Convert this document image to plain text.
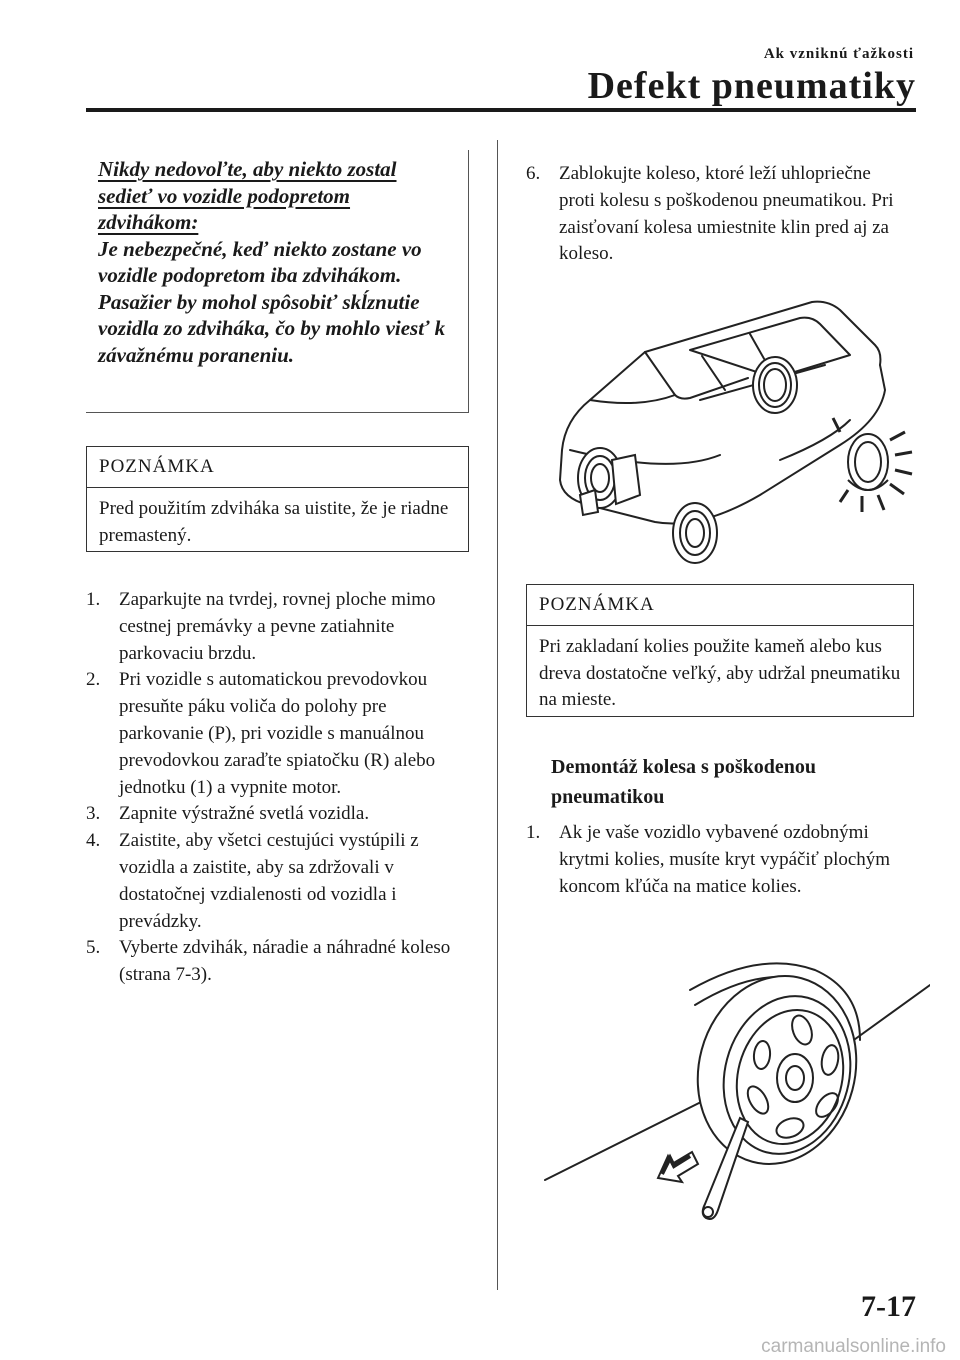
Ak vzniknú ťažkosti
Defekt pneumatiky
Nikdy nedovoľte, aby niekto zostal sedieť vo vozidle podopretom zdvihákom:
Je nebezpečné, keď niekto zostane vo vozidle podopretom iba zdvihákom. Pasažier by mohol spôsobiť skĺznutie vozidla zo zdviháka, čo by mohlo viesť k závažnému poraneniu.
POZNÁMKA
Pred použitím zdviháka sa uistite, že je riadne premastený.
1. Zaparkujte na tvrdej, rovnej ploche mimo cestnej premávky a pevne zatiahnite parkovaciu brzdu.
2. Pri vozidle s automatickou prevodovkou presuňte páku voliča do polohy pre parkovanie (P), pri vozidle s manuálnou prevodovkou zaraďte spiatočku (R) alebo jednotku (1) a vypnite motor.
3. Zapnite výstražné svetlá vozidla.
4. Zaistite, aby všetci cestujúci vystúpili z vozidla a zaistite, aby sa zdržovali v dostatočnej vzdialenosti od vozidla i prevádzky.
5. Vyberte zdvihák, náradie a náhradné koleso (strana 7-3).
6. Zablokujte koleso, ktoré leží uhlopriečne proti kolesu s poškodenou pneumatikou. Pri zaisťovaní kolesa umiestnite klin pred aj za koleso.
POZNÁMKA
Pri zakladaní kolies použite kameň alebo kus dreva dostatočne veľký, aby udržal pneumatiku na mieste.
Demontáž kolesa s poškodenou pneumatikou
1. Ak je vaše vozidlo vybavené ozdobnými krytmi kolies, musíte kryt vypáčiť plochým koncom kľúča na matice kolies.
7-17
carmanualsonline.info
